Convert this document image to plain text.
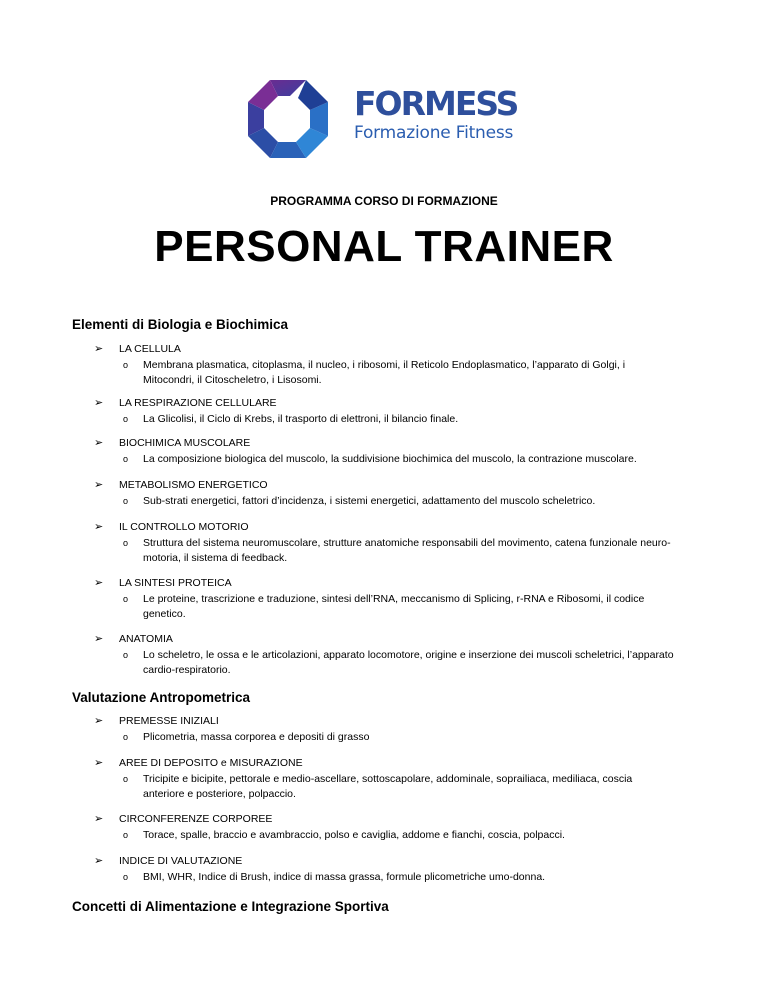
FORMESS
Formazione Fitness
PROGRAMMA CORSO DI FORMAZIONE
PERSONAL TRAINER
Elementi di Biologia e Biochimica
➢ LA CELLULA
o Membrana plasmatica, citoplasma, il nucleo, i ribosomi, il Reticolo Endoplasmatico, l’apparato di Golgi, i Mitocondri, il Citoscheletro, i Lisosomi.
➢ LA RESPIRAZIONE CELLULARE
o La Glicolisi, il Ciclo di Krebs, il trasporto di elettroni, il bilancio finale.
➢ BIOCHIMICA MUSCOLARE
o La composizione biologica del muscolo, la suddivisione biochimica del muscolo, la contrazione muscolare.
➢ METABOLISMO ENERGETICO
o Sub-strati energetici, fattori d’incidenza, i sistemi energetici, adattamento del muscolo scheletrico.
➢ IL CONTROLLO MOTORIO
o Struttura del sistema neuromuscolare, strutture anatomiche responsabili del movimento, catena funzionale neuro-motoria, il sistema di feedback.
➢ LA SINTESI PROTEICA
o Le proteine, trascrizione e traduzione, sintesi dell’RNA, meccanismo di Splicing, r-RNA e Ribosomi, il codice genetico.
➢ ANATOMIA
o Lo scheletro, le ossa e le articolazioni, apparato locomotore, origine e inserzione dei muscoli scheletrici, l’apparato cardio-respiratorio.
Valutazione Antropometrica
➢ PREMESSE INIZIALI
o Plicometria, massa corporea e depositi di grasso
➢ AREE DI DEPOSITO e MISURAZIONE
o Tricipite e bicipite, pettorale e medio-ascellare, sottoscapolare, addominale, soprailiaca, mediliaca, coscia anteriore e posteriore, polpaccio.
➢ CIRCONFERENZE CORPOREE
o Torace, spalle, braccio e avambraccio, polso e caviglia, addome e fianchi, coscia, polpacci.
➢ INDICE DI VALUTAZIONE
o BMI, WHR, Indice di Brush, indice di massa grassa, formule plicometriche umo-donna.
Concetti di Alimentazione e Integrazione Sportiva
